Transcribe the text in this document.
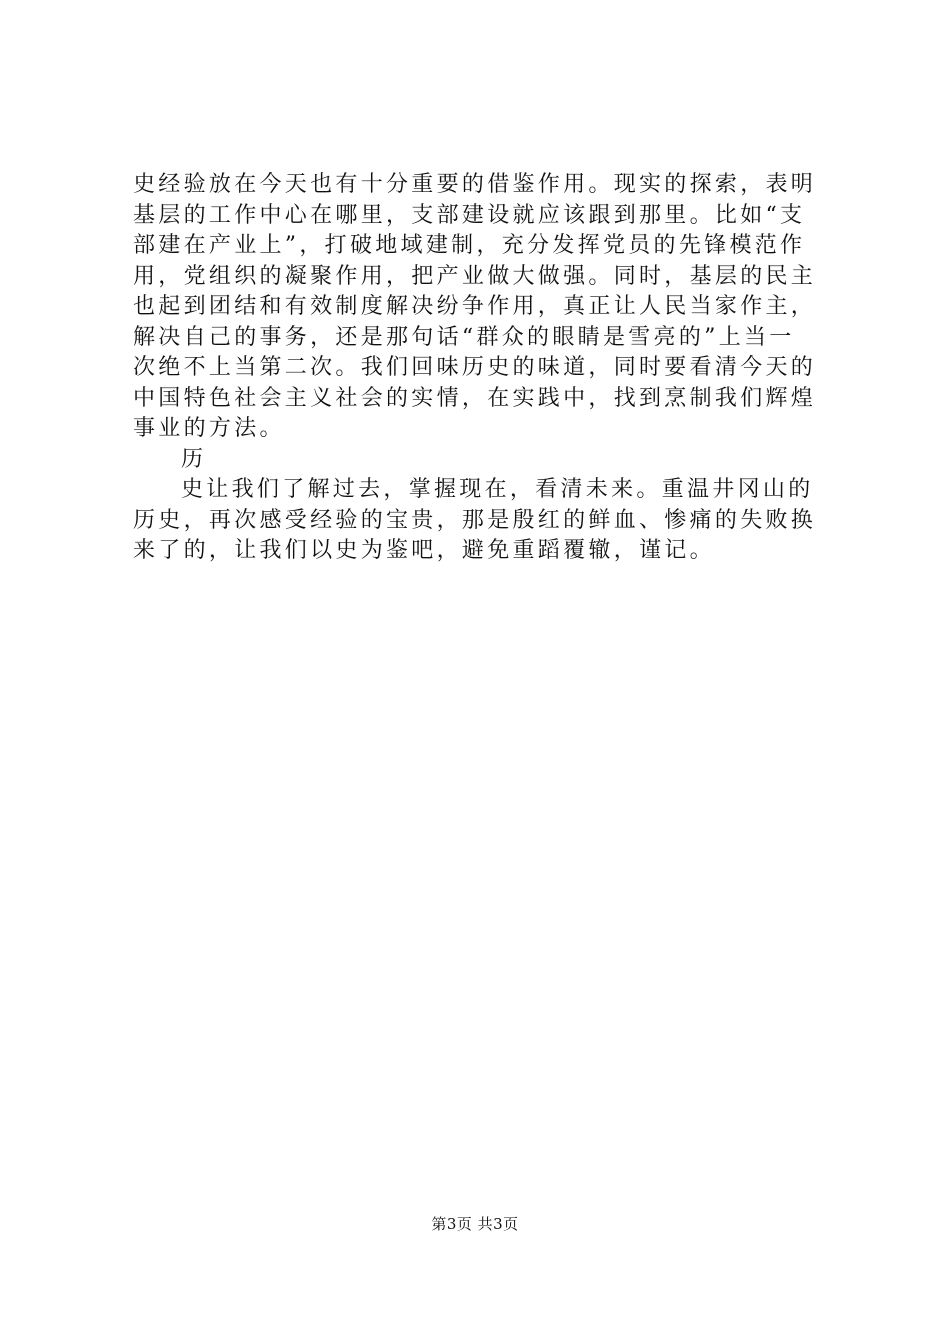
史经验放在今天也有十分重要的借鉴作用。现实的探索，表明
基层的工作中心在哪里，支部建设就应该跟到那里。比如“支
部建在产业上”，打破地域建制，充分发挥党员的先锋模范作
用，党组织的凝聚作用，把产业做大做强。同时，基层的民主
也起到团结和有效制度解决纷争作用，真正让人民当家作主，
解决自己的事务，还是那句话“群众的眼睛是雪亮的”上当一
次绝不上当第二次。我们回味历史的味道，同时要看清今天的
中国特色社会主义社会的实情，在实践中，找到烹制我们辉煌
事业的方法。
历
史让我们了解过去，掌握现在，看清未来。重温井冈山的
历史，再次感受经验的宝贵，那是殷红的鲜血、惨痛的失败换
来了的，让我们以史为鉴吧，避免重蹈覆辙，谨记。
第3页 共3页
